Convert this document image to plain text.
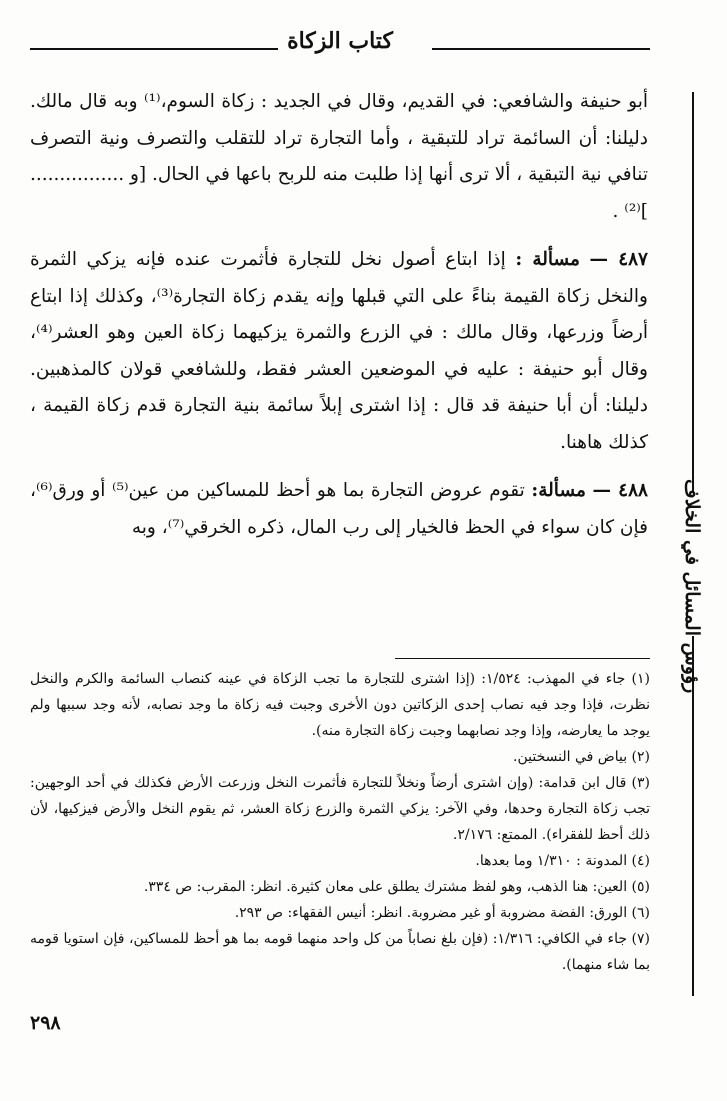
كتاب الزكاة

أبو حنيفة والشافعي: في القديم، وقال في الجديد : زكاة السوم،⁽¹⁾ وبه قال مالك. دليلنا: أن السائمة تراد للتبقية ، وأما التجارة تراد للتقلب والتصرف ونية التصرف تنافي نية التبقية ، ألا ترى أنها إذا طلبت منه للربح باعها في الحال. [و ................ ]⁽²⁾ .

٤٨٧ — مسألة : إذا ابتاع أصول نخل للتجارة فأثمرت عنده فإنه يزكي الثمرة والنخل زكاة القيمة بناءً على التي قبلها وإنه يقدم زكاة التجارة⁽³⁾، وكذلك إذا ابتاع أرضاً وزرعها، وقال مالك : في الزرع والثمرة يزكيهما زكاة العين وهو العشر⁽⁴⁾، وقال أبو حنيفة : عليه في الموضعين العشر فقط، وللشافعي قولان كالمذهبين. دليلنا: أن أبا حنيفة قد قال : إذا اشترى إبلاً سائمة بنية التجارة قدم زكاة القيمة ، كذلك هاهنا.

٤٨٨ — مسألة: تقوم عروض التجارة بما هو أحظ للمساكين من عين⁽⁵⁾ أو ورق⁽⁶⁾، فإن كان سواء في الحظ فالخيار إلى رب المال، ذكره الخرقي⁽⁷⁾، وبه رؤوس المسائل في الخلاف

(١) جاء في المهذب: ١/٥٢٤: (إذا اشترى للتجارة ما تجب الزكاة في عينه كنصاب السائمة والكرم والنخل نظرت، فإذا وجد فيه نصاب إحدى الزكاتين دون الأخرى وجبت فيه زكاة ما وجد نصابه، لأنه وجد سببها ولم يوجد ما يعارضه، وإذا وجد نصابهما وجبت زكاة التجارة منه).

(٢) بياض في النسختين.

(٣) قال ابن قدامة: (وإن اشترى أرضاً ونخلاً للتجارة فأثمرت النخل وزرعت الأرض فكذلك في أحد الوجهين: تجب زكاة التجارة وحدها، وفي الآخر: يزكي الثمرة والزرع زكاة العشر، ثم يقوم النخل والأرض فيزكيها، لأن ذلك أحظ للفقراء). الممتع: ٢/١٧٦.

(٤) المدونة : ١/٣١٠ وما بعدها.

(٥) العين: هنا الذهب، وهو لفظ مشترك يطلق على معان كثيرة. انظر: المقرب: ص ٣٣٤.

(٦) الورق: الفضة مضروبة أو غير مضروبة. انظر: أنيس الفقهاء: ص ٢٩٣.

(٧) جاء في الكافي: ١/٣١٦: (فإن بلغ نصاباً من كل واحد منهما قومه بما هو أحظ للمساكين، فإن استويا قومه بما شاء منهما).

٢٩٨
